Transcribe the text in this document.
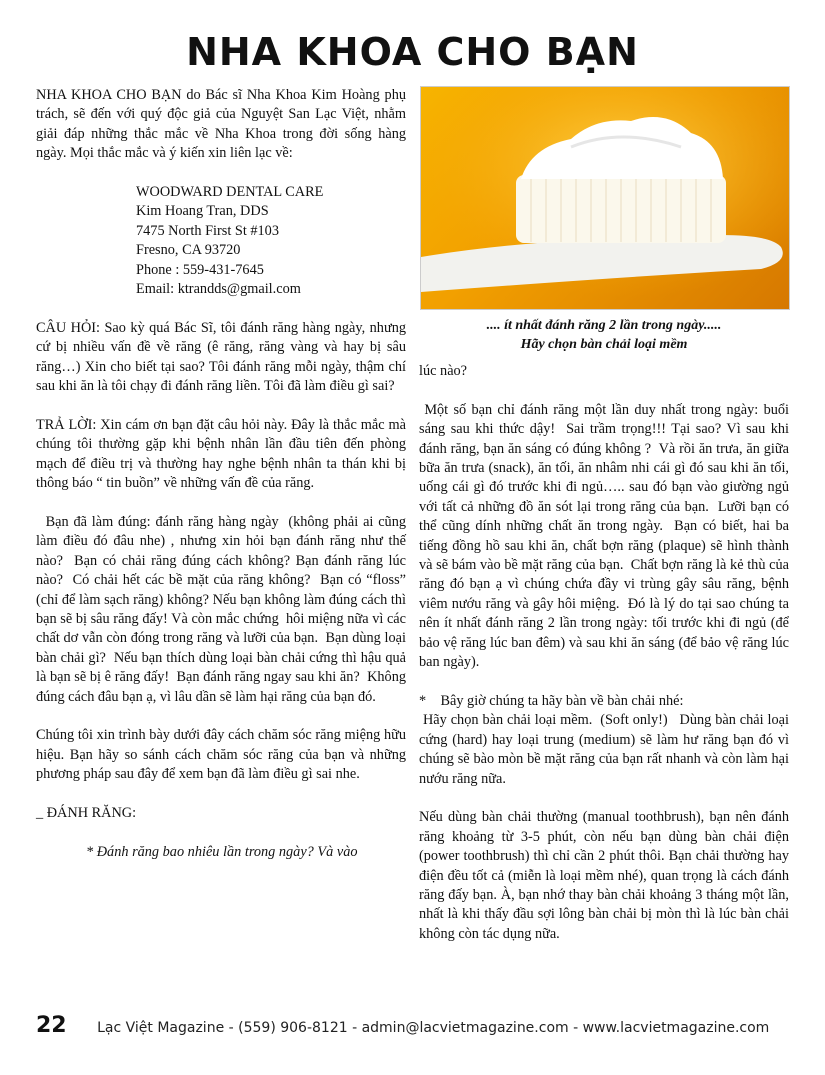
NHA KHOA CHO BẠN

NHA KHOA CHO BẠN do Bác sĩ Nha Khoa Kim Hoàng phụ trách, sẽ đến với quý độc giả của Nguyệt San Lạc Việt, nhằm giải đáp những thắc mắc về Nha Khoa trong đời sống hàng ngày. Mọi thắc mắc và ý kiến xin liên lạc về:

WOODWARD DENTAL CARE
Kim Hoang Tran, DDS
7475 North First St #103
Fresno, CA 93720
Phone : 559-431-7645
Email: ktrandds@gmail.com

CÂU HỎI: Sao kỳ quá Bác Sĩ, tôi đánh răng hàng ngày, nhưng cứ bị nhiều vấn đề về răng (ê răng, răng vàng và hay bị sâu răng…) Xin cho biết tại sao? Tôi đánh răng mỗi ngày, thậm chí sau khi ăn là tôi chạy đi đánh răng liền. Tôi đã làm điều gì sai?

TRẢ LỜI: Xin cám ơn bạn đặt câu hỏi này. Đây là thắc mắc mà chúng tôi thường gặp khi bệnh nhân lần đầu tiên đến phòng mạch để điều trị và thường hay nghe bệnh nhân ta thán khi bị thông báo “ tin buồn” về những vấn đề của răng.

Bạn đã làm đúng: đánh răng hàng ngày  (không phải ai cũng làm điều đó đâu nhe) , nhưng xin hỏi bạn đánh răng như thế nào?  Bạn có chải răng đúng cách không? Bạn đánh răng lúc nào?  Có chải hết các bề mặt của răng không?  Bạn có “floss” (chỉ để làm sạch răng) không? Nếu bạn không làm đúng cách thì bạn sẽ bị sâu răng đấy! Và còn mắc chứng  hôi miệng nữa vì các chất dơ vẫn còn đóng trong răng và lưỡi của bạn.  Bạn dùng loại bàn chải gì?  Nếu bạn thích dùng loại bàn chải cứng thì hậu quả là bạn sẽ bị ê răng đấy!  Bạn đánh răng ngay sau khi ăn?  Không đúng cách đâu bạn ạ, vì lâu dần sẽ làm hại răng của bạn đó.

Chúng tôi xin trình bày dưới đây cách chăm sóc răng miệng hữu hiệu. Bạn hãy so sánh cách chăm sóc răng của bạn và những phương pháp sau đây để xem bạn đã làm điều gì sai nhe.

_ ĐÁNH RĂNG:

* Đánh răng bao nhiêu lần trong ngày? Và vào

.... ít nhất đánh răng 2 lần trong ngày.....
Hãy chọn bàn chải loại mềm

lúc nào?

Một số bạn chỉ đánh răng một lần duy nhất trong ngày: buổi sáng sau khi thức dậy!  Sai trầm trọng!!! Tại sao? Vì sau khi đánh răng, bạn ăn sáng có đúng không ?  Và rồi ăn trưa, ăn giữa bữa ăn trưa (snack), ăn tối, ăn nhâm nhi cái gì đó sau khi ăn tối, uống cái gì đó trước khi đi ngủ….. sau đó bạn vào giường ngủ với tất cả những đồ ăn sót lại trong răng của bạn.  Lưỡi bạn có thể cũng dính những chất ăn trong ngày.  Bạn có biết, hai ba tiếng đồng hồ sau khi ăn, chất bợn răng (plaque) sẽ hình thành và sẽ bám vào bề mặt răng của bạn.  Chất bợn răng là kẻ thù của răng đó bạn ạ vì chúng chứa đầy vi trùng gây sâu răng, bệnh viêm nướu răng và gây hôi miệng.  Đó là lý do tại sao chúng ta nên ít nhất đánh răng 2 lần trong ngày: tối trước khi đi ngủ (để bảo vệ răng lúc ban đêm) và sau khi ăn sáng (để bảo vệ răng lúc ban ngày).

*    Bây giờ chúng ta hãy bàn về bàn chải nhé:
Hãy chọn bàn chải loại mềm.  (Soft only!)   Dùng bàn chải loại cứng (hard) hay loại trung (medium) sẽ làm hư răng bạn đó vì chúng sẽ bào mòn bề mặt răng của bạn rất nhanh và còn làm hại nướu răng nữa.

Nếu dùng bàn chải thường (manual toothbrush), bạn nên đánh răng khoảng từ 3-5 phút, còn nếu bạn dùng bàn chải điện (power toothbrush) thì chỉ cần 2 phút thôi. Bạn chải thường hay điện đều tốt cả (miễn là loại mềm nhé), quan trọng là cách đánh răng đấy bạn. À, bạn nhớ thay bàn chải khoảng 3 tháng một lần, nhất là khi thấy đầu sợi lông bàn chải bị mòn thì là lúc bàn chải không còn tác dụng nữa.

22 Lạc Việt Magazine - (559) 906-8121 - admin@lacvietmagazine.com - www.lacvietmagazine.com
